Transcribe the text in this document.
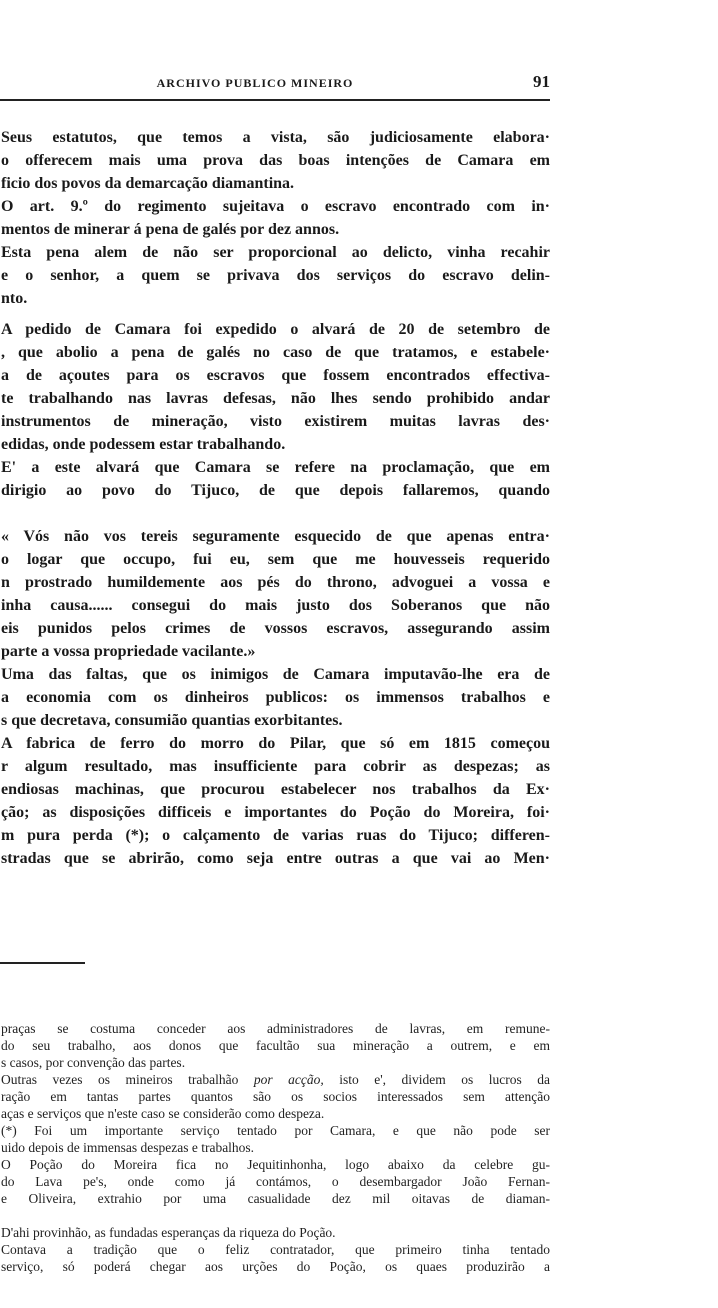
ARCHIVO PUBLICO MINEIRO	91
Seus estatutos, que temos a vista, são judiciosamente elabora·
o offerecem mais uma prova das boas intenções de Camara em
ficio dos povos da demarcação diamantina.
O art. 9.º do regimento sujeitava o escravo encontrado com in·
mentos de minerar á pena de galés por dez annos.
Esta pena alem de não ser proporcional ao delicto, vinha recahir
e o senhor, a quem se privava dos serviços do escravo delin-
nto.
A pedido de Camara foi expedido o alvará de 20 de setembro de
, que abolio a pena de galés no caso de que tratamos, e estabele·
a de açoutes para os escravos que fossem encontrados effectiva-
te trabalhando nas lavras defesas, não lhes sendo prohibido andar
instrumentos de mineração, visto existirem muitas lavras des·
edidas, onde podessem estar trabalhando.
E' a este alvará que Camara se refere na proclamação, que em
dirigio ao povo do Tijuco, de que depois fallaremos, quando
« Vós não vos tereis seguramente esquecido de que apenas entra·
o logar que occupo, fui eu, sem que me houvesseis requerido
n prostrado humildemente aos pés do throno, advoguei a vossa e
inha causa...... consegui do mais justo dos Soberanos que não
eis punidos pelos crimes de vossos escravos, assegurando assim
parte a vossa propriedade vacilante.»
Uma das faltas, que os inimigos de Camara imputavão-lhe era de
a economia com os dinheiros publicos: os immensos trabalhos e
s que decretava, consumião quantias exorbitantes.
A fabrica de ferro do morro do Pilar, que só em 1815 começou
r algum resultado, mas insufficiente para cobrir as despezas; as
endiosas machinas, que procurou estabelecer nos trabalhos da Ex·
ção; as disposições difficeis e importantes do Poção do Moreira, foi·
m pura perda (*); o calçamento de varias ruas do Tijuco; differen-
stradas que se abrirão, como seja entre outras a que vai ao Men·
praças se costuma conceder aos administradores de lavras, em remune-
do seu trabalho, aos donos que facultão sua mineração a outrem, e em
s casos, por convenção das partes.
Outras vezes os mineiros trabalhão por acção, isto e', dividem os lucros da
ração em tantas partes quantos são os socios interessados sem attenção
aças e serviços que n'este caso se considerão como despeza.
(*) Foi um importante serviço tentado por Camara, e que não pode ser
uido depois de immensas despezas e trabalhos.
O Poção do Moreira fica no Jequitinhonha, logo abaixo da celebre gu-
do Lava pe's, onde como já contámos, o desembargador João Fernan-
e Oliveira, extrahio por uma casualidade dez mil oitavas de diaman-
D'ahi provinhão, as fundadas esperanças da riqueza do Poção.
Contava a tradição que o feliz contratador, que primeiro tinha tentado
serviço, só poderá chegar aos urções do Poção, os quaes produzirão a
